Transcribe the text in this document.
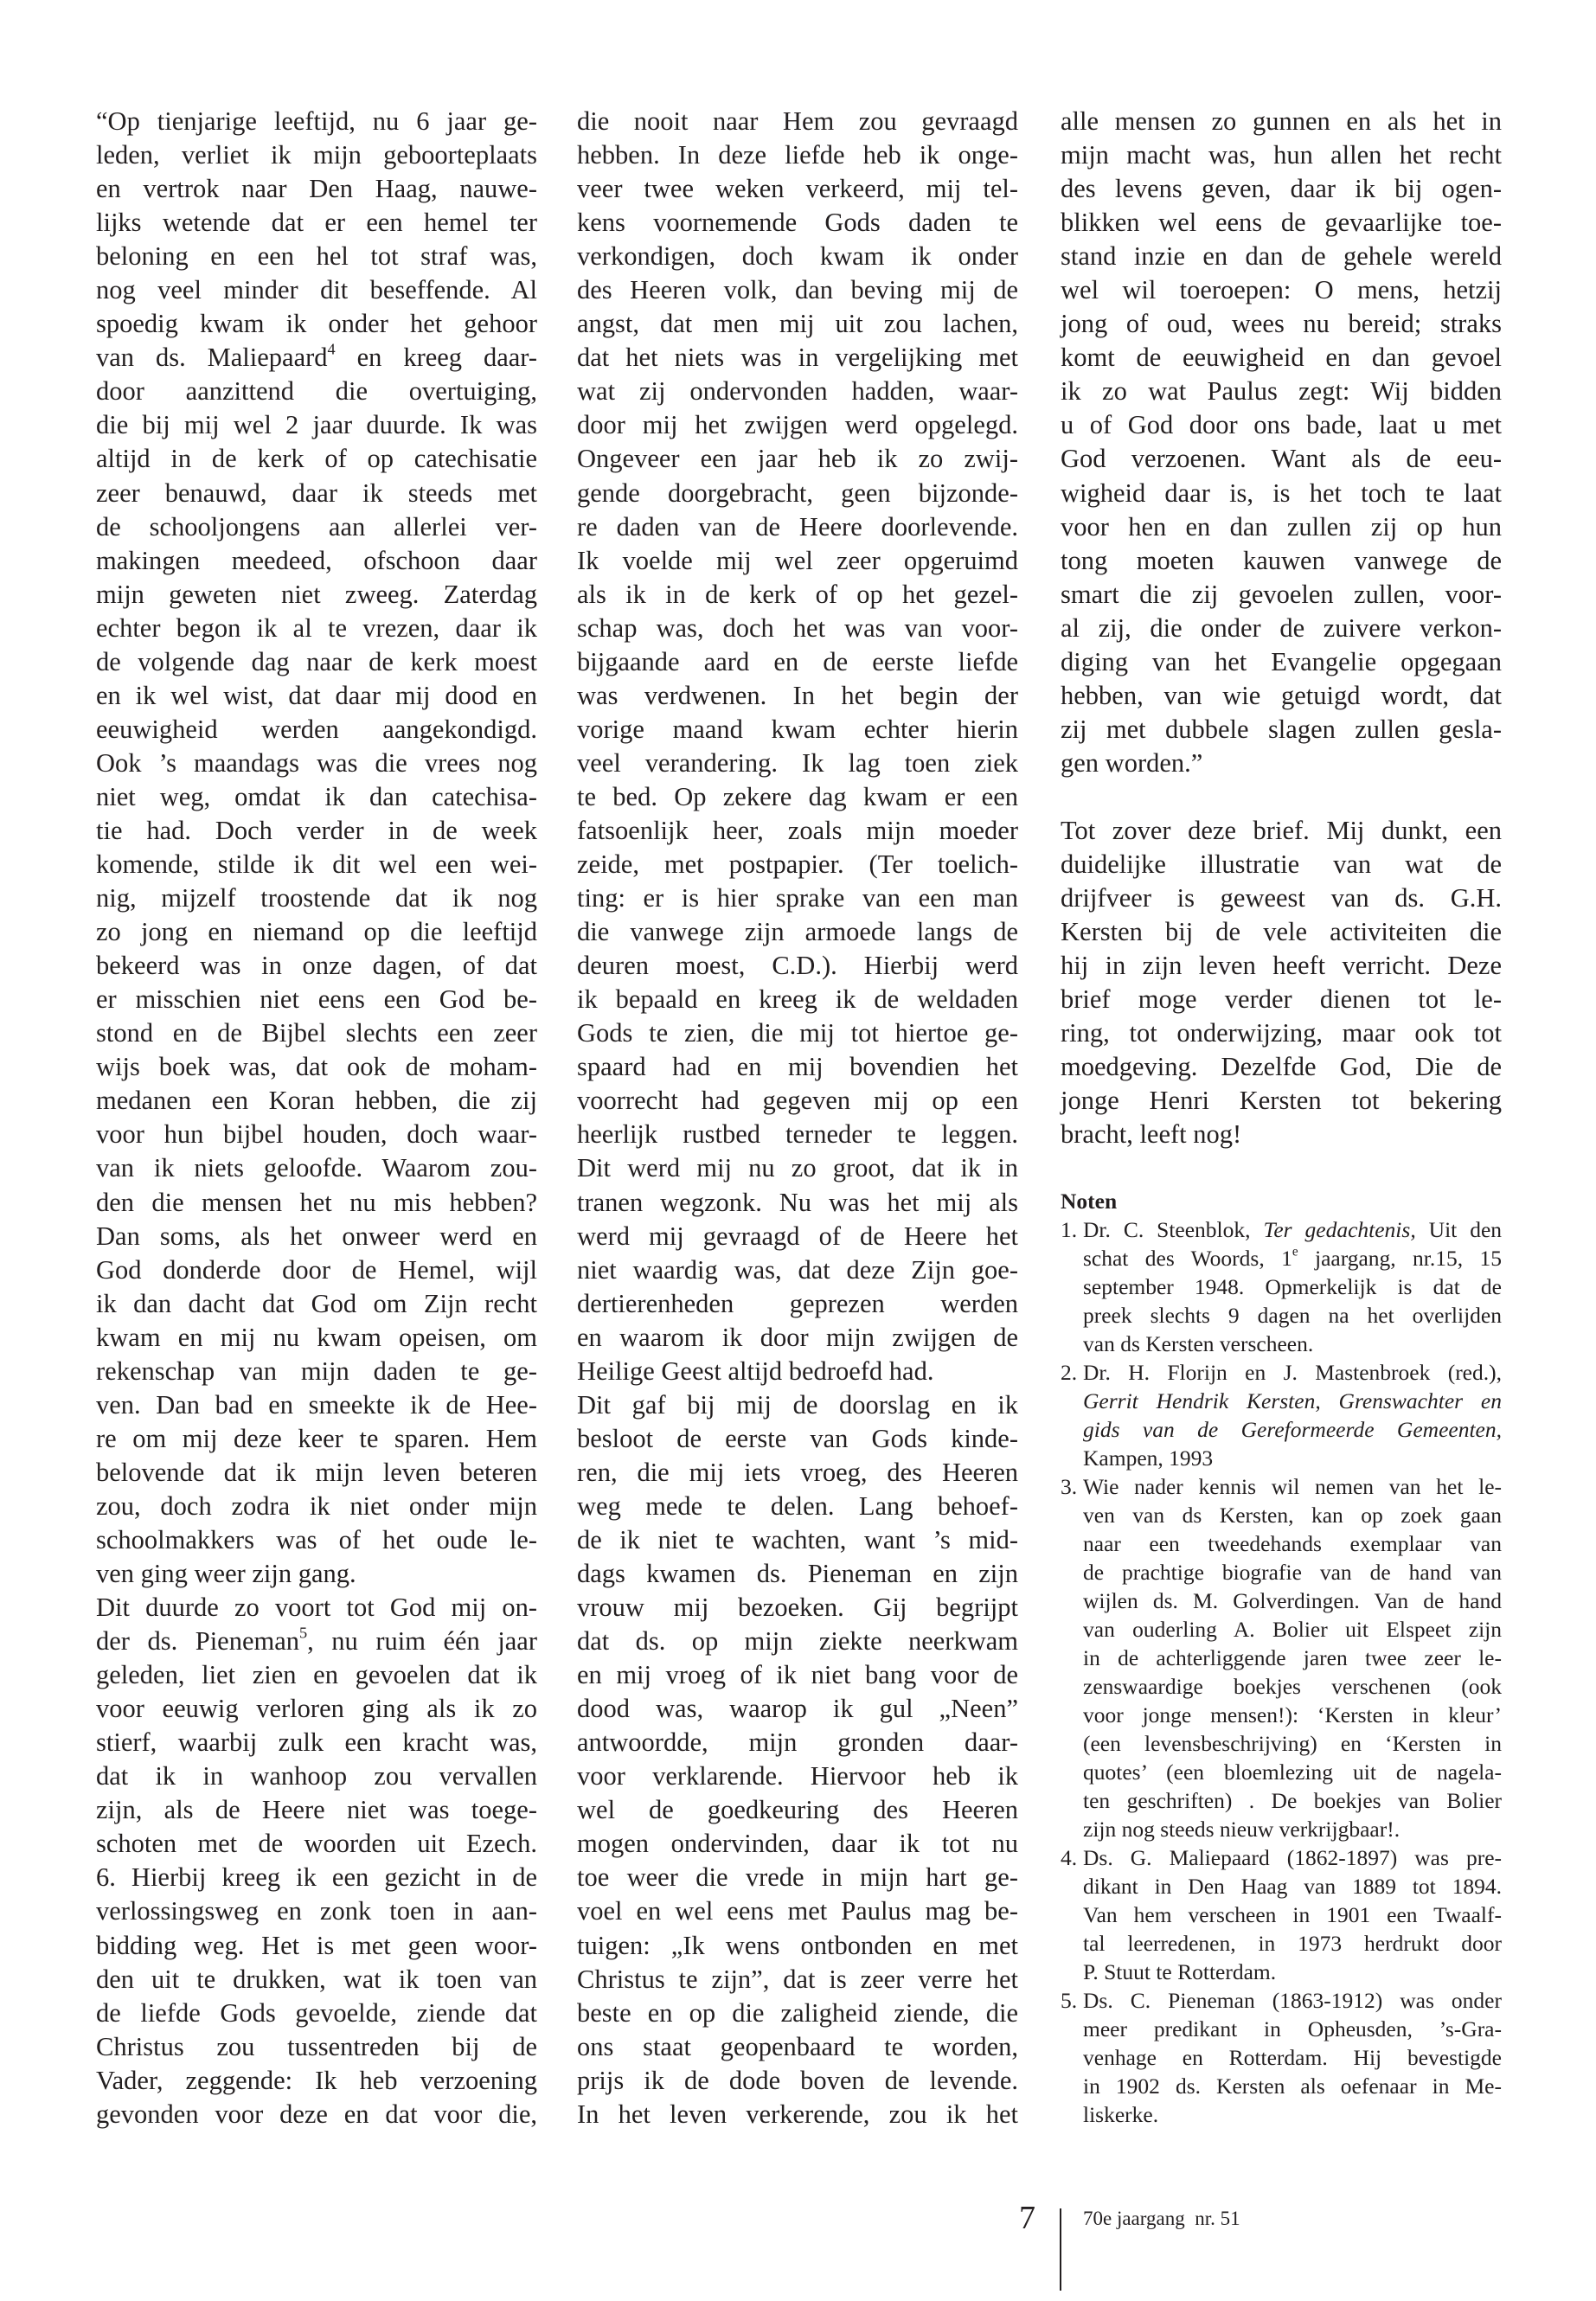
“Op tienjarige leeftijd, nu 6 jaar ge-
leden, verliet ik mijn geboorteplaats
en vertrok naar Den Haag, nauwe-
lijks wetende dat er een hemel ter
beloning en een hel tot straf was,
nog veel minder dit beseffende. Al
spoedig kwam ik onder het gehoor
van ds. Maliepaard$^4$ en kreeg daar-
door aanzittend die overtuiging,
die bij mij wel 2 jaar duurde. Ik was
altijd in de kerk of op catechisatie
zeer benauwd, daar ik steeds met
de schooljongens aan allerlei ver-
makingen meedeed, ofschoon daar
mijn geweten niet zweeg. Zaterdag
echter begon ik al te vrezen, daar ik
de volgende dag naar de kerk moest
en ik wel wist, dat daar mij dood en
eeuwigheid werden aangekondigd.
Ook ’s maandags was die vrees nog
niet weg, omdat ik dan catechisa-
tie had. Doch verder in de week
komende, stilde ik dit wel een wei-
nig, mijzelf troostende dat ik nog
zo jong en niemand op die leeftijd
bekeerd was in onze dagen, of dat
er misschien niet eens een God be-
stond en de Bijbel slechts een zeer
wijs boek was, dat ook de moham-
medanen een Koran hebben, die zij
voor hun bijbel houden, doch waar-
van ik niets geloofde. Waarom zou-
den die mensen het nu mis hebben?
Dan soms, als het onweer werd en
God donderde door de Hemel, wijl
ik dan dacht dat God om Zijn recht
kwam en mij nu kwam opeisen, om
rekenschap van mijn daden te ge-
ven. Dan bad en smeekte ik de Hee-
re om mij deze keer te sparen. Hem
belovende dat ik mijn leven beteren
zou, doch zodra ik niet onder mijn
schoolmakkers was of het oude le-
ven ging weer zijn gang.
Dit duurde zo voort tot God mij on-
der ds. Pieneman$^5$, nu ruim één jaar
geleden, liet zien en gevoelen dat ik
voor eeuwig verloren ging als ik zo
stierf, waarbij zulk een kracht was,
dat ik in wanhoop zou vervallen
zijn, als de Heere niet was toege-
schoten met de woorden uit Ezech.
6. Hierbij kreeg ik een gezicht in de
verlossingsweg en zonk toen in aan-
bidding weg. Het is met geen woor-
den uit te drukken, wat ik toen van
de liefde Gods gevoelde, ziende dat
Christus zou tussentreden bij de
Vader, zeggende: Ik heb verzoening
gevonden voor deze en dat voor die,
die nooit naar Hem zou gevraagd
hebben. In deze liefde heb ik onge-
veer twee weken verkeerd, mij tel-
kens voornemende Gods daden te
verkondigen, doch kwam ik onder
des Heeren volk, dan beving mij de
angst, dat men mij uit zou lachen,
dat het niets was in vergelijking met
wat zij ondervonden hadden, waar-
door mij het zwijgen werd opgelegd.
Ongeveer een jaar heb ik zo zwij-
gende doorgebracht, geen bijzonde-
re daden van de Heere doorlevende.
Ik voelde mij wel zeer opgeruimd
als ik in de kerk of op het gezel-
schap was, doch het was van voor-
bijgaande aard en de eerste liefde
was verdwenen. In het begin der
vorige maand kwam echter hierin
veel verandering. Ik lag toen ziek
te bed. Op zekere dag kwam er een
fatsoenlijk heer, zoals mijn moeder
zeide, met postpapier. (Ter toelich-
ting: er is hier sprake van een man
die vanwege zijn armoede langs de
deuren moest, C.D.). Hierbij werd
ik bepaald en kreeg ik de weldaden
Gods te zien, die mij tot hiertoe ge-
spaard had en mij bovendien het
voorrecht had gegeven mij op een
heerlijk rustbed terneder te leggen.
Dit werd mij nu zo groot, dat ik in
tranen wegzonk. Nu was het mij als
werd mij gevraagd of de Heere het
niet waardig was, dat deze Zijn goe-
dertierenheden geprezen werden
en waarom ik door mijn zwijgen de
Heilige Geest altijd bedroefd had.
Dit gaf bij mij de doorslag en ik
besloot de eerste van Gods kinde-
ren, die mij iets vroeg, des Heeren
weg mede te delen. Lang behoef-
de ik niet te wachten, want ’s mid-
dags kwamen ds. Pieneman en zijn
vrouw mij bezoeken. Gij begrijpt
dat ds. op mijn ziekte neerkwam
en mij vroeg of ik niet bang voor de
dood was, waarop ik gul „Neen”
antwoordde, mijn gronden daar-
voor verklarende. Hiervoor heb ik
wel de goedkeuring des Heeren
mogen ondervinden, daar ik tot nu
toe weer die vrede in mijn hart ge-
voel en wel eens met Paulus mag be-
tuigen: „Ik wens ontbonden en met
Christus te zijn”, dat is zeer verre het
beste en op die zaligheid ziende, die
ons staat geopenbaard te worden,
prijs ik de dode boven de levende.
In het leven verkerende, zou ik het
alle mensen zo gunnen en als het in
mijn macht was, hun allen het recht
des levens geven, daar ik bij ogen-
blikken wel eens de gevaarlijke toe-
stand inzie en dan de gehele wereld
wel wil toeroepen: O mens, hetzij
jong of oud, wees nu bereid; straks
komt de eeuwigheid en dan gevoel
ik zo wat Paulus zegt: Wij bidden
u of God door ons bade, laat u met
God verzoenen. Want als de eeu-
wigheid daar is, is het toch te laat
voor hen en dan zullen zij op hun
tong moeten kauwen vanwege de
smart die zij gevoelen zullen, voor-
al zij, die onder de zuivere verkon-
diging van het Evangelie opgegaan
hebben, van wie getuigd wordt, dat
zij met dubbele slagen zullen gesla-
gen worden.”

Tot zover deze brief. Mij dunkt, een
duidelijke illustratie van wat de
drijfveer is geweest van ds. G.H.
Kersten bij de vele activiteiten die
hij in zijn leven heeft verricht. Deze
brief moge verder dienen tot le-
ring, tot onderwijzing, maar ook tot
moedgeving. Dezelfde God, Die de
jonge Henri Kersten tot bekering
bracht, leeft nog!
Noten
1. Dr. C. Steenblok, Ter gedachtenis, Uit den
schat des Woords, 1e jaargang, nr.15, 15
september 1948. Opmerkelijk is dat de
preek slechts 9 dagen na het overlijden
van ds Kersten verscheen.
2. Dr. H. Florijn en J. Mastenbroek (red.),
Gerrit Hendrik Kersten, Grenswachter en
gids van de Gereformeerde Gemeenten,
Kampen, 1993
3. Wie nader kennis wil nemen van het le-
ven van ds Kersten, kan op zoek gaan
naar een tweedehands exemplaar van
de prachtige biografie van de hand van
wijlen ds. M. Golverdingen. Van de hand
van ouderling A. Bolier uit Elspeet zijn
in de achterliggende jaren twee zeer le-
zenswaardige boekjes verschenen (ook
voor jonge mensen!): ‘Kersten in kleur’
(een levensbeschrijving) en ‘Kersten in
quotes’ (een bloemlezing uit de nagela-
ten geschriften) . De boekjes van Bolier
zijn nog steeds nieuw verkrijgbaar!.
4. Ds. G. Maliepaard (1862-1897) was pre-
dikant in Den Haag van 1889 tot 1894.
Van hem verscheen in 1901 een Twaalf-
tal leerredenen, in 1973 herdrukt door
P. Stuut te Rotterdam.
5. Ds. C. Pieneman (1863-1912) was onder
meer predikant in Opheusden, ’s-Gra-
venhage en Rotterdam. Hij bevestigde
in 1902 ds. Kersten als oefenaar in Me-
liskerke.
7 70e jaargang  nr. 51
